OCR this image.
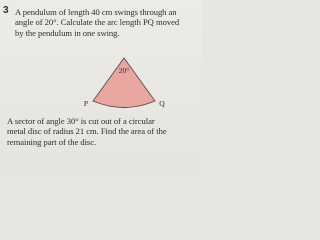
3 A pendulum of length 40 cm swings through an
angle of 20°. Calculate the arc length PQ moved
by the pendulum in one swing.

20°
P	Q

A sector of angle 30° is cut out of a circular
metal disc of radius 21 cm. Find the area of the
remaining part of the disc.
